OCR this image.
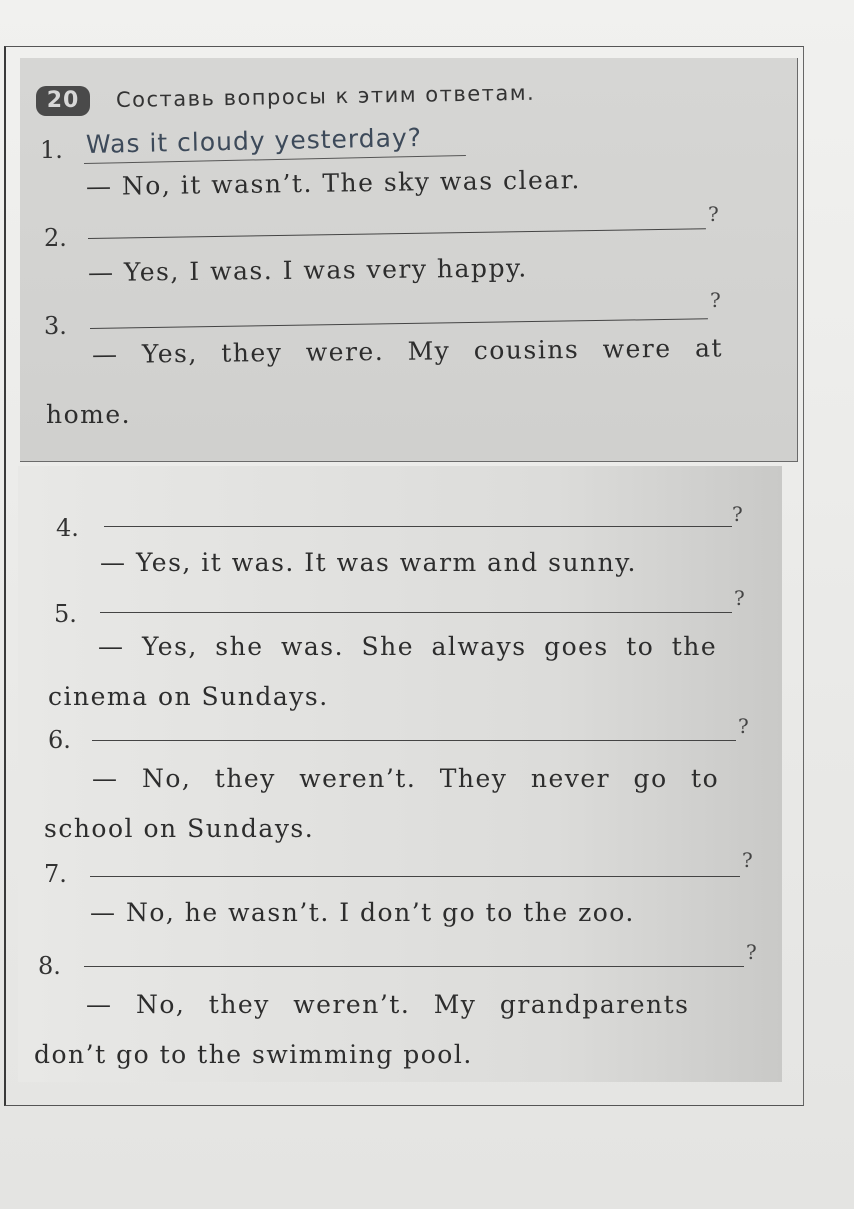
20	Составь вопросы к этим ответам.
1. Was it cloudy yesterday?
— No, it wasn’t. The sky was clear.
2.
?
— Yes, I was. I was very happy.
3.
?
— Yes, they were. My cousins were at
home.
4.	?
— Yes, it was. It was warm and sunny.
5.
?
— Yes, she was. She always goes to the
cinema on Sundays.
6.	?
— No, they weren’t. They never go to
school on Sundays.
7.	?
— No, he wasn’t. I don’t go to the zoo.
8.	?
— No, they weren’t. My grandparents
don’t go to the swimming pool.
